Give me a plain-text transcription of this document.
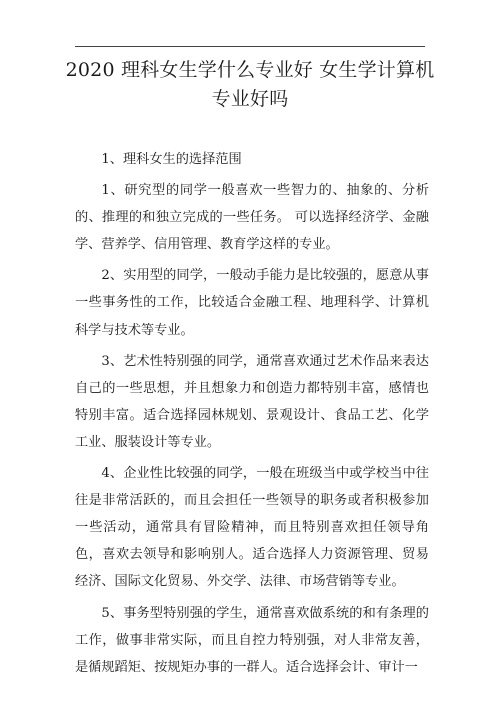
2020 理科女生学什么专业好 女生学计算机
专业好吗

1、理科女生的选择范围

1、研究型的同学一般喜欢一些智力的、抽象的、分析的、推理的和独立完成的一些任务。 可以选择经济学、金融学、营养学、信用管理、教育学这样的专业。

2、实用型的同学，一般动手能力是比较强的，愿意从事一些事务性的工作，比较适合金融工程、地理科学、计算机科学与技术等专业。

3、艺术性特别强的同学，通常喜欢通过艺术作品来表达自己的一些思想，并且想象力和创造力都特别丰富，感情也特别丰富。适合选择园林规划、景观设计、食品工艺、化学工业、服装设计等专业。

4、企业性比较强的同学，一般在班级当中或学校当中往往是非常活跃的，而且会担任一些领导的职务或者积极参加一些活动，通常具有冒险精神，而且特别喜欢担任领导角色，喜欢去领导和影响别人。适合选择人力资源管理、贸易经济、国际文化贸易、外交学、法律、市场营销等专业。

5、事务型特别强的学生，通常喜欢做系统的和有条理的工作，做事非常实际，而且自控力特别强，对人非常友善，是循规蹈矩、按规矩办事的一群人。适合选择会计、审计一
